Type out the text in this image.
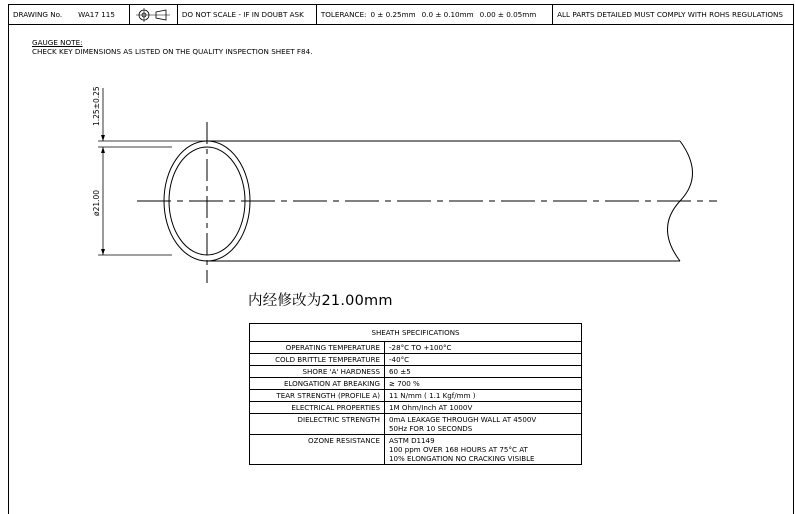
DRAWING No. WA17 115	DO NOT SCALE - IF IN DOUBT ASK TOLERANCE: 0 ± 0.25mm 0.0 ± 0.10mm 0.00 ± 0.05mm	ALL PARTS DETAILED MUST COMPLY WITH ROHS REGULATIONS
GAUGE NOTE:
CHECK KEY DIMENSIONS AS LISTED ON THE QUALITY INSPECTION SHEET F84.
1.25±0.25
ø21.00
内经修改为21.00mm
SHEATH SPECIFICATIONS	
OPERATING TEMPERATURE	-28°C TO +100°C

COLD BRITTLE TEMPERATURE	-40°C

SHORE 'A' HARDNESS	60 ±5

ELONGATION AT BREAKING	≥ 700 %

TEAR STRENGTH (PROFILE A)	11 N/mm ( 1.1 Kgf/mm )

ELECTRICAL PROPERTIES	1M Ohm/Inch AT 1000V

DIELECTRIC STRENGTH	0mA LEAKAGE THROUGH WALL AT 4500V
50Hz FOR 10 SECONDS

OZONE RESISTANCE	ASTM D1149
100 ppm OVER 168 HOURS AT 75°C AT
10% ELONGATION NO CRACKING VISIBLE
